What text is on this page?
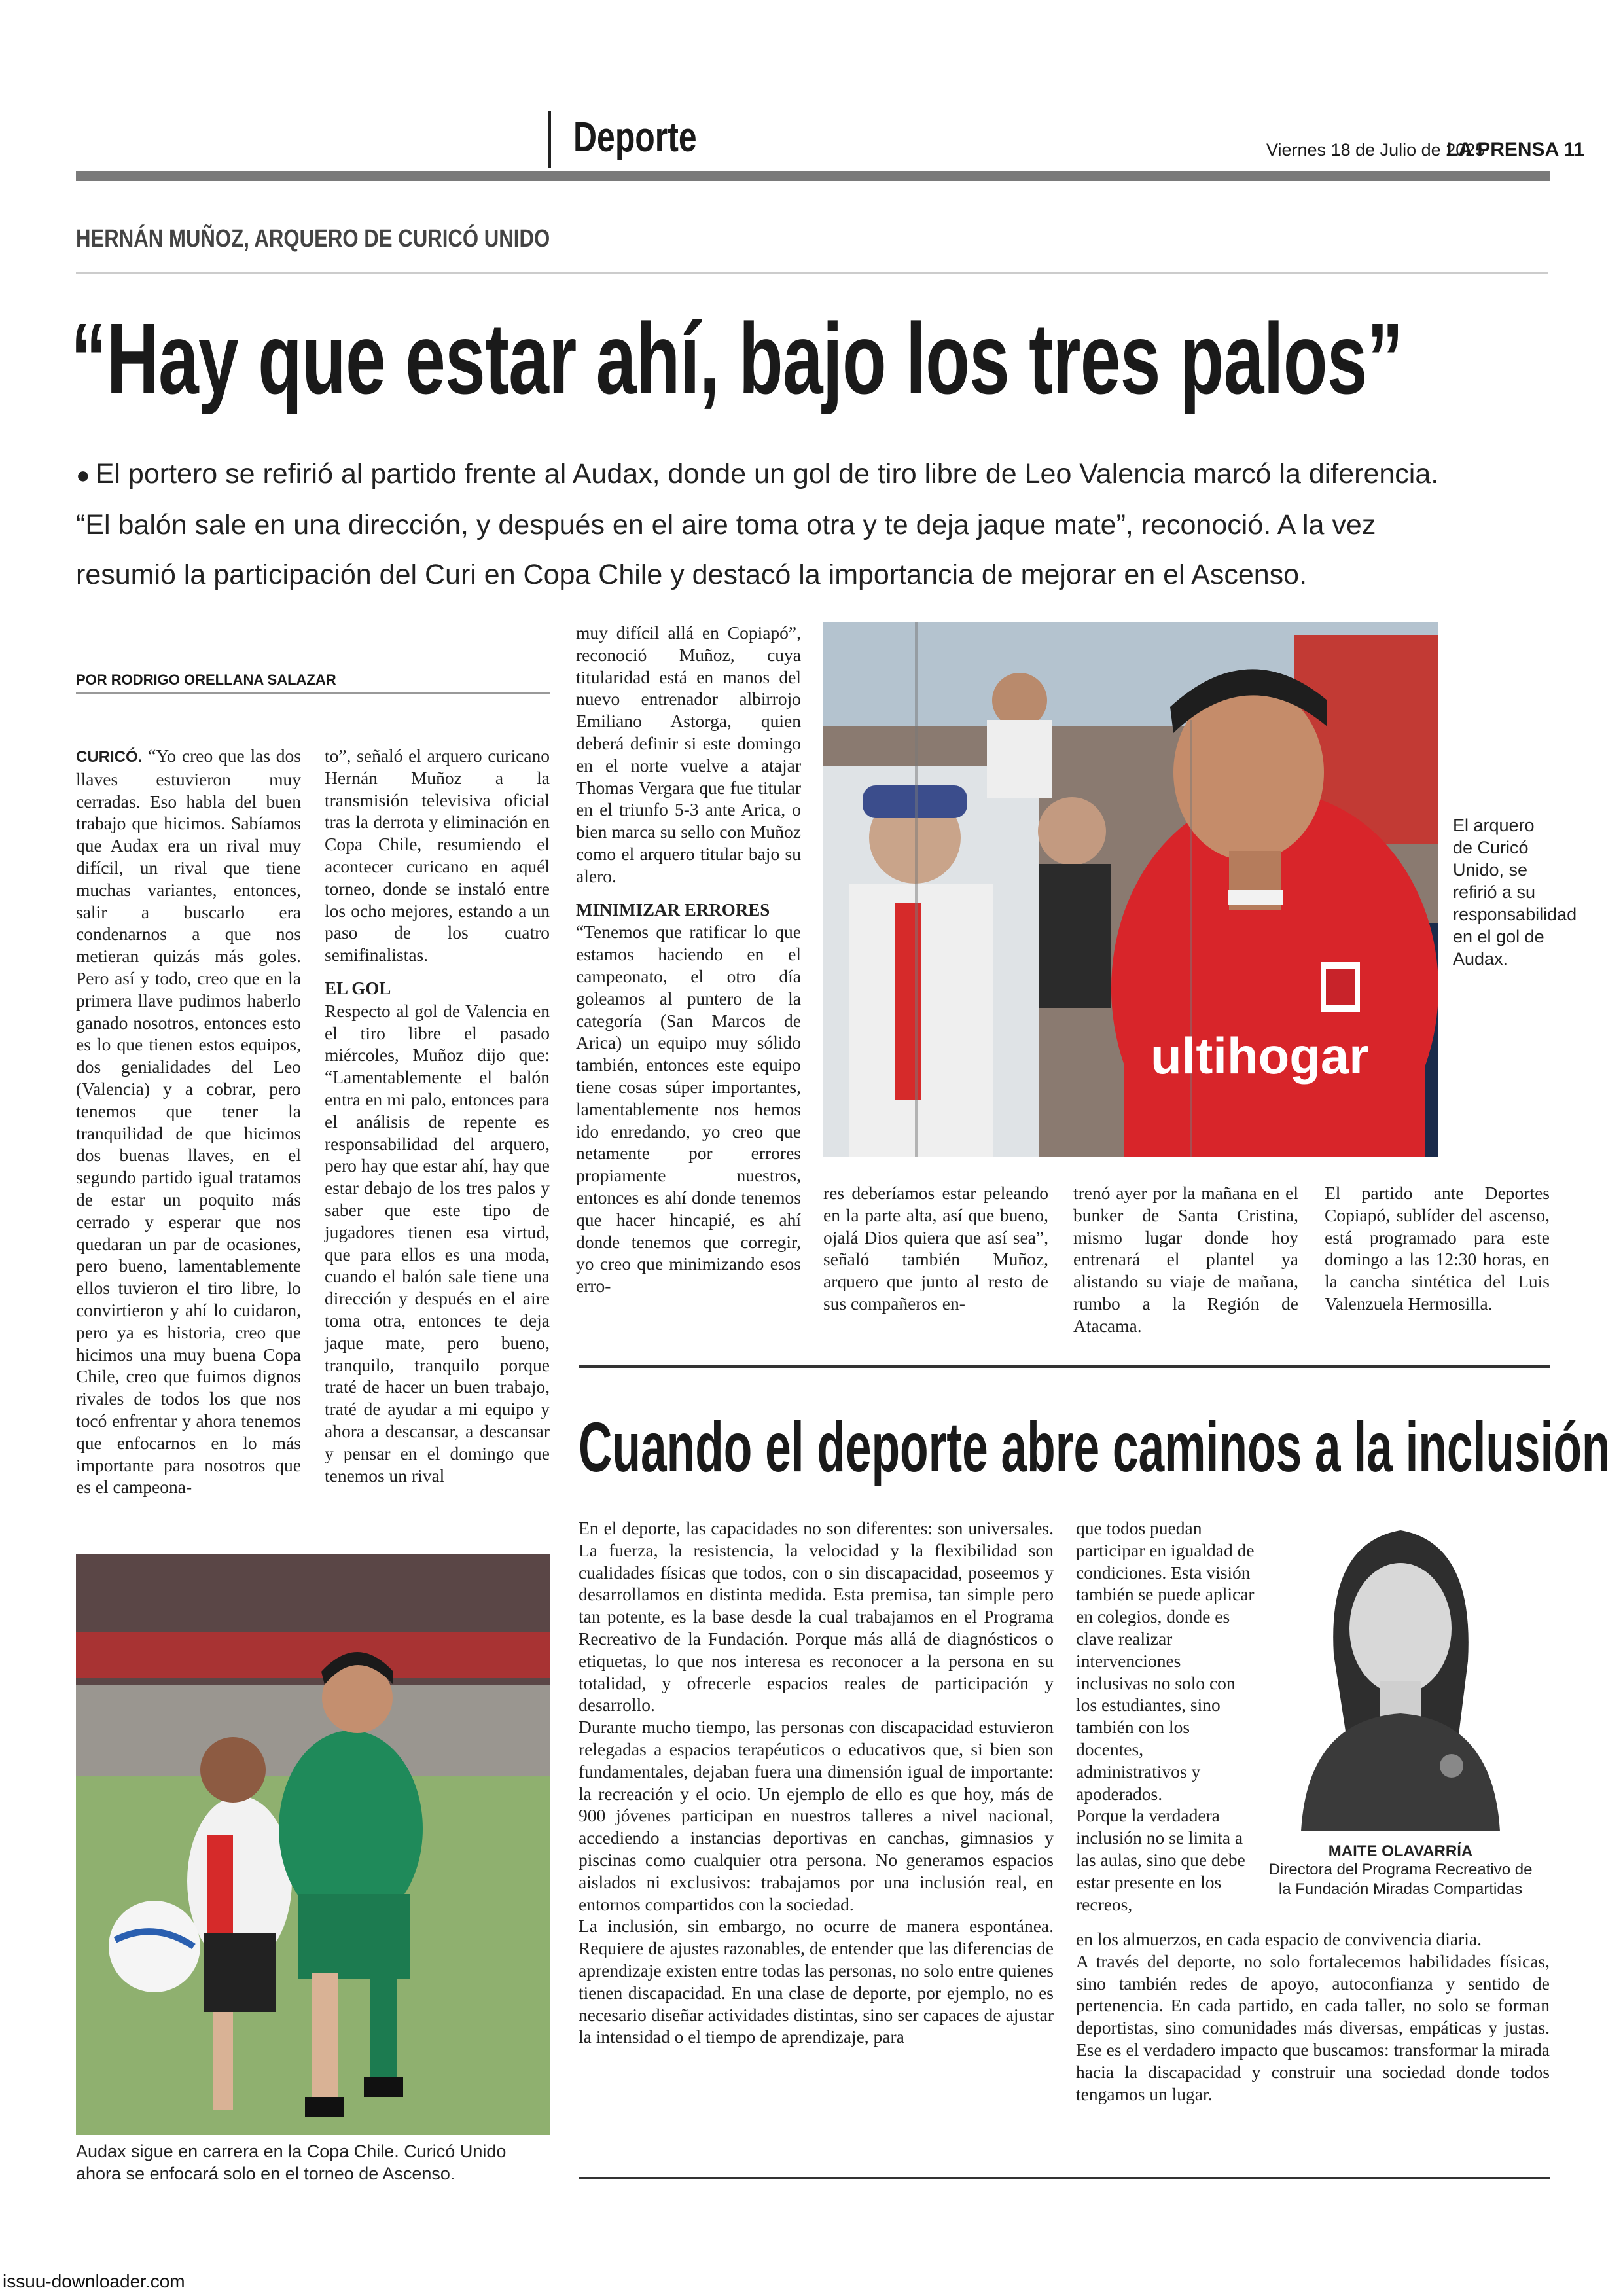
Deporte	Viernes 18 de Julio de 2025
LA PRENSA 11
HERNÁN MUÑOZ, ARQUERO DE CURICÓ UNIDO
“Hay que estar ahí, bajo los tres palos”
● El portero se refirió al partido frente al Audax, donde un gol de tiro libre de Leo Valencia marcó la diferencia.
“El balón sale en una dirección, y después en el aire toma otra y te deja jaque mate”, reconoció. A la vez
resumió la participación del Curi en Copa Chile y destacó la importancia de mejorar en el Ascenso.
POR RODRIGO ORELLANA SALAZAR

CURICÓ. “Yo creo que las dos llaves estuvieron muy cerradas. Eso habla del buen trabajo que hicimos. Sabíamos que Audax era un rival muy difícil, un rival que tiene muchas variantes, entonces, salir a buscarlo era condenarnos a que nos metieran quizás más goles. Pero así y todo, creo que en la primera llave pudimos haberlo ganado nosotros, entonces esto es lo que tienen estos equipos, dos genialidades del Leo (Valencia) y a cobrar, pero tenemos que tener la tranquilidad de que hicimos dos buenas llaves, en el segundo partido igual tratamos de estar un poquito más cerrado y esperar que nos quedaran un par de ocasiones, pero bueno, lamentablemente ellos tuvieron el tiro libre, lo convirtieron y ahí lo cuidaron, pero ya es historia, creo que hicimos una muy buena Copa Chile, creo que fuimos dignos rivales de todos los que nos tocó enfrentar y ahora tenemos que enfocarnos en lo más importante para nosotros que es el campeona-

to”, señaló el arquero curicano Hernán Muñoz a la transmisión televisiva oficial tras la derrota y eliminación en Copa Chile, resumiendo el acontecer curicano en aquél torneo, donde se instaló entre los ocho mejores, estando a un paso de los cuatro semifinalistas.

EL GOL

Respecto al gol de Valencia en el tiro libre el pasado miércoles, Muñoz dijo que: “Lamentablemente el balón entra en mi palo, entonces para el análisis de repente es responsabilidad del arquero, pero hay que estar ahí, hay que estar debajo de los tres palos y saber que este tipo de jugadores tienen esa virtud, que para ellos es una moda, cuando el balón sale tiene una dirección y después en el aire toma otra, entonces te deja jaque mate, pero bueno, tranquilo, tranquilo porque traté de hacer un buen trabajo, traté de ayudar a mi equipo y ahora a descansar, a descansar y pensar en el domingo que tenemos un rival

muy difícil allá en Copiapó”, reconoció Muñoz, cuya titularidad está en manos del nuevo entrenador albirrojo Emiliano Astorga, quien deberá definir si este domingo en el norte vuelve a atajar Thomas Vergara que fue titular en el triunfo 5-3 ante Arica, o bien marca su sello con Muñoz como el arquero titular bajo su alero.

MINIMIZAR ERRORES

“Tenemos que ratificar lo que estamos haciendo en el campeonato, el otro día goleamos al puntero de la categoría (San Marcos de Arica) un equipo muy sólido también, entonces este equipo tiene cosas súper importantes, lamentablemente nos hemos ido enredando, yo creo que netamente por errores propiamente nuestros, entonces es ahí donde tenemos que hacer hincapié, es ahí donde tenemos que corregir, yo creo que minimizando esos erro-

res deberíamos estar peleando en la parte alta, así que bueno, ojalá Dios quiera que así sea”, señaló también Muñoz, arquero que junto al resto de sus compañeros en-

trenó ayer por la mañana en el bunker de Santa Cristina, mismo lugar donde hoy entrenará el plantel ya alistando su viaje de mañana, rumbo a la Región de Atacama.

El partido ante Deportes Copiapó, sublíder del ascenso, está programado para este domingo a las 12:30 horas, en la cancha sintética del Luis Valenzuela Hermosilla.

ultihogar
El arquero de Curicó Unido, se refirió a su responsabilidad en el gol de Audax.
Audax sigue en carrera en la Copa Chile. Curicó Unido ahora se enfocará solo en el torneo de Ascenso.
Cuando el deporte abre caminos a la inclusión

En el deporte, las capacidades no son diferentes: son universales. La fuerza, la resistencia, la velocidad y la flexibilidad son cualidades físicas que todos, con o sin discapacidad, poseemos y desarrollamos en distinta medida. Esta premisa, tan simple pero tan potente, es la base desde la cual trabajamos en el Programa Recreativo de la Fundación. Porque más allá de diagnósticos o etiquetas, lo que nos interesa es reconocer a la persona en su totalidad, y ofrecerle espacios reales de participación y desarrollo.

Durante mucho tiempo, las personas con discapacidad estuvieron relegadas a espacios terapéuticos o educativos que, si bien son fundamentales, dejaban fuera una dimensión igual de importante: la recreación y el ocio. Un ejemplo de ello es que hoy, más de 900 jóvenes participan en nuestros talleres a nivel nacional, accediendo a instancias deportivas en canchas, gimnasios y piscinas como cualquier otra persona. No generamos espacios aislados ni exclusivos: trabajamos por una inclusión real, en entornos compartidos con la sociedad.

La inclusión, sin embargo, no ocurre de manera espontánea. Requiere de ajustes razonables, de entender que las diferencias de aprendizaje existen entre todas las personas, no solo entre quienes tienen discapacidad. En una clase de deporte, por ejemplo, no es necesario diseñar actividades distintas, sino ser capaces de ajustar la intensidad o el tiempo de aprendizaje, para

que todos puedan participar en igualdad de condiciones. Esta visión también se puede aplicar en colegios, donde es clave realizar intervenciones inclusivas no solo con los estudiantes, sino también con los docentes, administrativos y apoderados.

Porque la verdadera inclusión no se limita a las aulas, sino que debe estar presente en los recreos,

en los almuerzos, en cada espacio de convivencia diaria.

A través del deporte, no solo fortalecemos habilidades físicas, sino también redes de apoyo, autoconfianza y sentido de pertenencia. En cada partido, en cada taller, no solo se forman deportistas, sino comunidades más diversas, empáticas y justas. Ese es el verdadero impacto que buscamos: transformar la mirada hacia la discapacidad y construir una sociedad donde todos tengamos un lugar.

MAITE OLAVARRÍA
Directora del Programa Recreativo de la Fundación Miradas Compartidas
issuu-downloader.com
